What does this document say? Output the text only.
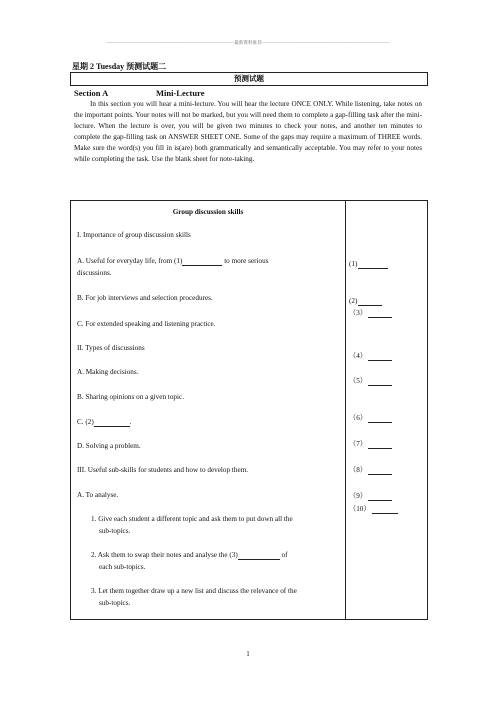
--------------------------------------------------------------------------------最新资料推荐--------------------------------------------------------------------------------
星期 2 Tuesday 预测试题二
预测试题
Section A	Mini-Lecture
In this section you will hear a mini-lecture. You will hear the lecture ONCE ONLY. While listening, take notes on the important points. Your notes will not be marked, but you will need them to complete a gap-filling task after the mini-lecture. When the lecture is over, you will be given two minutes to check your notes, and another ten minutes to complete the gap-filling task on ANSWER SHEET ONE. Some of the gaps may require a maximum of THREE words. Make sure the word(s) you fill in is(are) both grammatically and semantically acceptable. You may refer to your notes while completing the task. Use the blank sheet for note-taking.
Group discussion skills
I. Importance of group discussion skills
A. Useful for everyday life, from (1)	to more serious
discussions.
B. For job interviews and selection procedures.
C. For extended speaking and listening practice.
II. Types of discussions
A. Making decisions.
B. Sharing opinions on a given topic.
C. (2)	.
D. Solving a problem.
III. Useful sub-skills for students and how to develop them.
A. To analyse.
1. Give each student a different topic and ask them to put down all the
sub-topics.
2. Ask them to swap their notes and analyse the (3)	of
each sub-topics.
3. Let them together draw up a new list and discuss the relevance of the
sub-topics.
(1)
(2)
（3）
（4）
（5）
（6）
（7）
（8）
（9）
（10）
1
